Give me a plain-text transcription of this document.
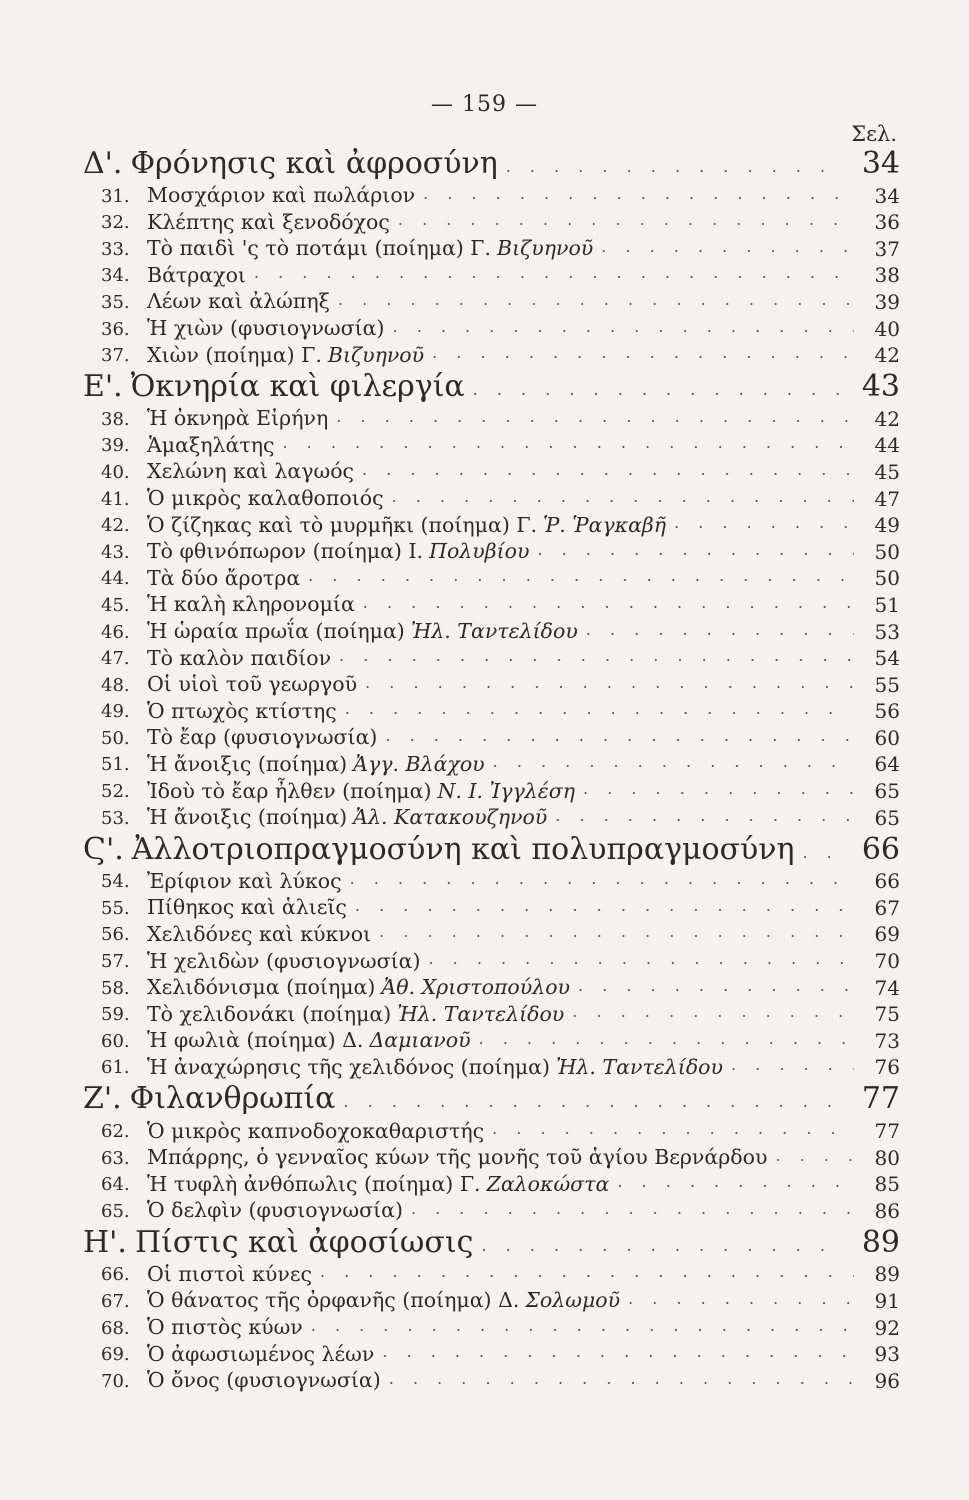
— 159 —
Σελ.
Δ'. Φρόνησις καὶ ἀφροσύνη . . .	34
31. Μοσχάριον καὶ πωλάριον . . .	34
32. Κλέπτης καὶ ξενοδόχος . . .	36
33. Τὸ παιδὶ 'ς τὸ ποτάμι (ποίημα) Γ. Βιζυηνοῦ . . .	37
34. Βάτραχοι . . .	38
35. Λέων καὶ ἀλώπηξ . . .	39
36. Ἡ χιὼν (φυσιογνωσία) . . .	40
37. Χιὼν (ποίημα) Γ. Βιζυηνοῦ . . .	42
Ε'. Ὀκνηρία καὶ φιλεργία . . .	43
38. Ἡ ὀκνηρὰ Εἰρήνη . . .	42
39. Ἁμαξηλάτης . . .	44
40. Χελώνη καὶ λαγωός . . .	45
41. Ὁ μικρὸς καλαθοποιός . . .	47
42. Ὁ ζίζηκας καὶ τὸ μυρμῆκι (ποίημα) Γ. Ῥ. Ῥαγκαβῆ . . .	49
43. Τὸ φθινόπωρον (ποίημα) Ι. Πολυβίου . . .	50
44. Τὰ δύο ἄροτρα . . .	50
45. Ἡ καλὴ κληρονομία . . .	51
46. Ἡ ὡραία πρωΐα (ποίημα) Ἠλ. Ταντελίδου . . .	53
47. Τὸ καλὸν παιδίον . . .	54
48. Οἱ υἱοὶ τοῦ γεωργοῦ . . .	55
49. Ὁ πτωχὸς κτίστης . . .	56
50. Τὸ ἔαρ (φυσιογνωσία) . . .	60
51. Ἡ ἄνοιξις (ποίημα) Ἀγγ. Βλάχου . . .	64
52. Ἰδοὺ τὸ ἔαρ ἦλθεν (ποίημα) Ν. Ι. Ἰγγλέση . . .	65
53. Ἡ ἄνοιξις (ποίημα) Ἀλ. Κατακουζηνοῦ . . .	65
Ϛ'. Ἀλλοτριοπραγμοσύνη καὶ πολυπραγμοσύνη . . .	66
54. Ἐρίφιον καὶ λύκος . . .	66
55. Πίθηκος καὶ ἁλιεῖς . . .	67
56. Χελιδόνες καὶ κύκνοι . . .	69
57. Ἡ χελιδὼν (φυσιογνωσία) . . .	70
58. Χελιδόνισμα (ποίημα) Ἀθ. Χριστοπούλου . . .	74
59. Τὸ χελιδονάκι (ποίημα) Ἠλ. Ταντελίδου . . .	75
60. Ἡ φωλιὰ (ποίημα) Δ. Δαμιανοῦ . . .	73
61. Ἡ ἀναχώρησις τῆς χελιδόνος (ποίημα) Ἠλ. Ταντελίδου . . .	76
Ζ'. Φιλανθρωπία . . .	77
62. Ὁ μικρὸς καπνοδοχοκαθαριστής . . .	77
63. Μπάρρης, ὁ γενναῖος κύων τῆς μονῆς τοῦ ἁγίου Βερνάρδου . . .	80
64. Ἡ τυφλὴ ἀνθόπωλις (ποίημα) Γ. Ζαλοκώστα . . .	85
65. Ὁ δελφὶν (φυσιογνωσία) . . .	86
Η'. Πίστις καὶ ἀφοσίωσις . . .	89
66. Οἱ πιστοὶ κύνες . . .	89
67. Ὁ θάνατος τῆς ὀρφανῆς (ποίημα) Δ. Σολωμοῦ . . .	91
68. Ὁ πιστὸς κύων . . .	92
69. Ὁ ἀφωσιωμένος λέων . . .	93
70. Ὁ ὄνος (φυσιογνωσία) . . .	96
